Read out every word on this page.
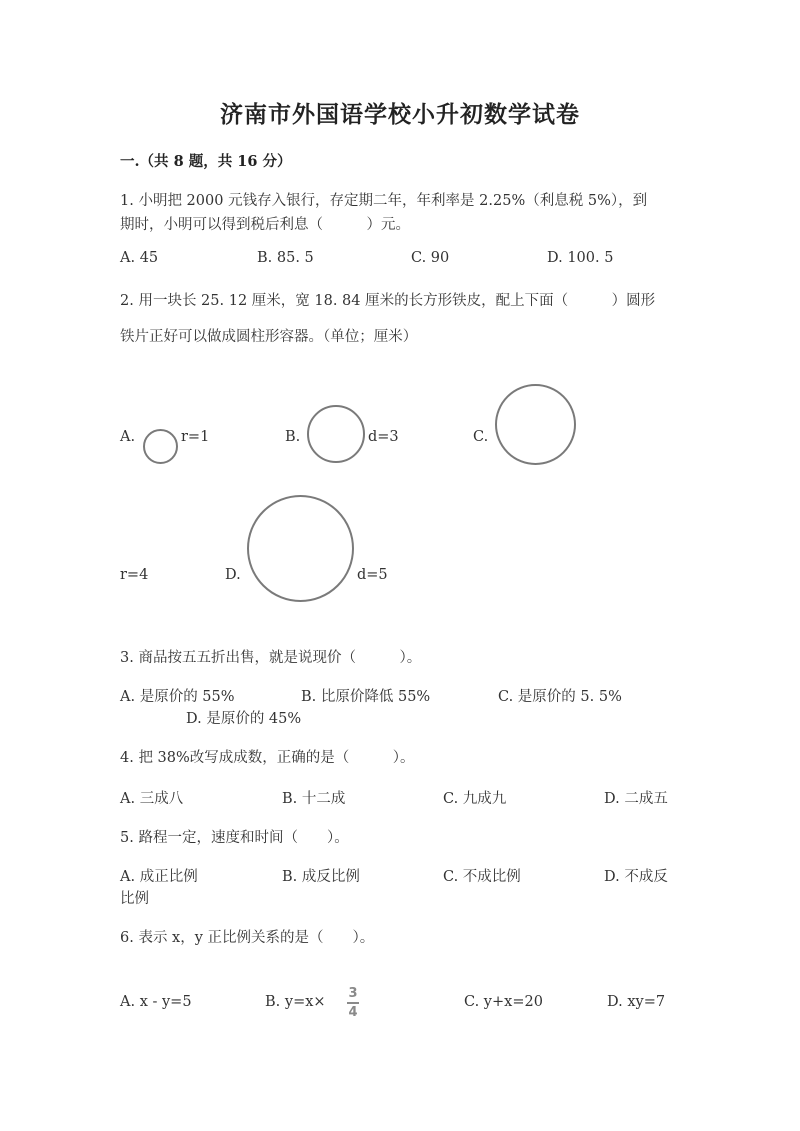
济南市外国语学校小升初数学试卷
一.（共 8 题，共 16 分）
1. 小明把 2000 元钱存入银行，存定期二年，年利率是 2.25%（利息税 5%），到
期时，小明可以得到税后利息（　　　）元。
A. 45	B. 85. 5	C. 90	D. 100. 5
2. 用一块长 25. 12 厘米，宽 18. 84 厘米的长方形铁皮，配上下面（　　　）圆形
铁片正好可以做成圆柱形容器。（单位；厘米）
A.	r=1	B.	d=3	C.
r=4	D.	d=5
3. 商品按五五折出售，就是说现价（　　　）。
A. 是原价的 55%	B. 比原价降低 55%	C. 是原价的 5. 5%
D. 是原价的 45%
4. 把 38%改写成成数，正确的是（　　　）。
A. 三成八	B. 十二成	C. 九成九	D. 二成五
5. 路程一定，速度和时间（　　）。
A. 成正比例	B. 成反比例	C. 不成比例	D. 不成反
比例
6. 表示 x，y 正比例关系的是（　　）。
A. x - y=5	B. y=x×
3
4
C. y+x=20	D. xy=7
